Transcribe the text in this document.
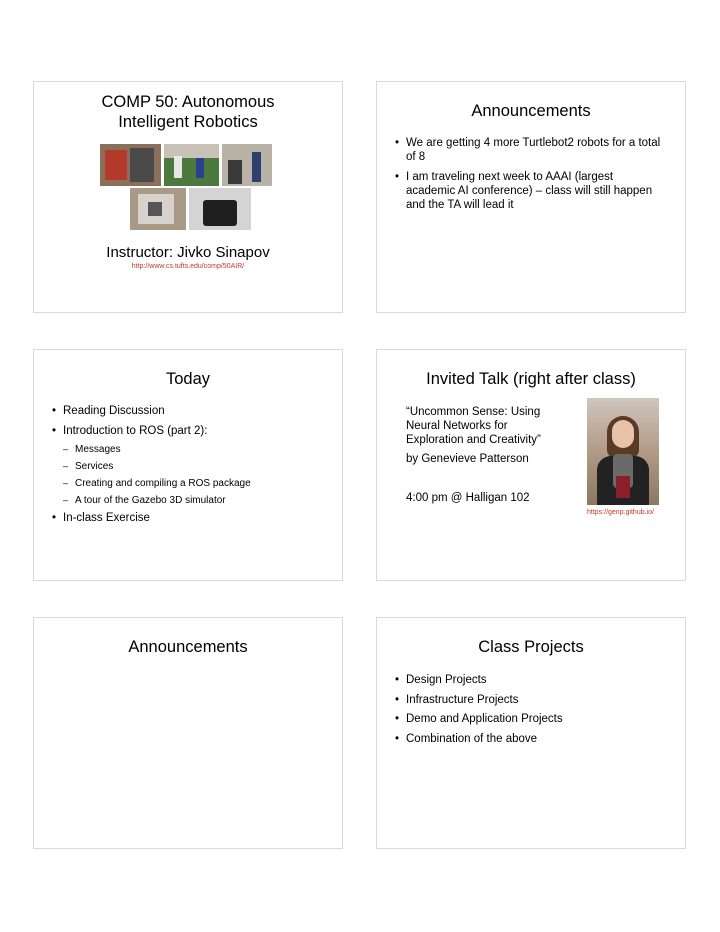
COMP 50: Autonomous
Intelligent Robotics
Instructor: Jivko Sinapov
http://www.cs.tufts.edu/comp/50AIR/
Announcements
• We are getting 4 more Turtlebot2 robots for a total of 8
• I am traveling next week to AAAI (largest academic AI conference) – class will still happen and the TA will lead it
Today
• Reading Discussion
• Introduction to ROS (part 2):
– Messages
– Services
– Creating and compiling a ROS package
– A tour of the Gazebo 3D simulator
• In-class Exercise
Invited Talk (right after class)
“Uncommon Sense: Using Neural Networks for Exploration and Creativity”
by Genevieve Patterson
4:00 pm @ Halligan 102
https://genp.github.io/
Announcements	Class Projects
• Design Projects
• Infrastructure Projects
• Demo and Application Projects
• Combination of the above
